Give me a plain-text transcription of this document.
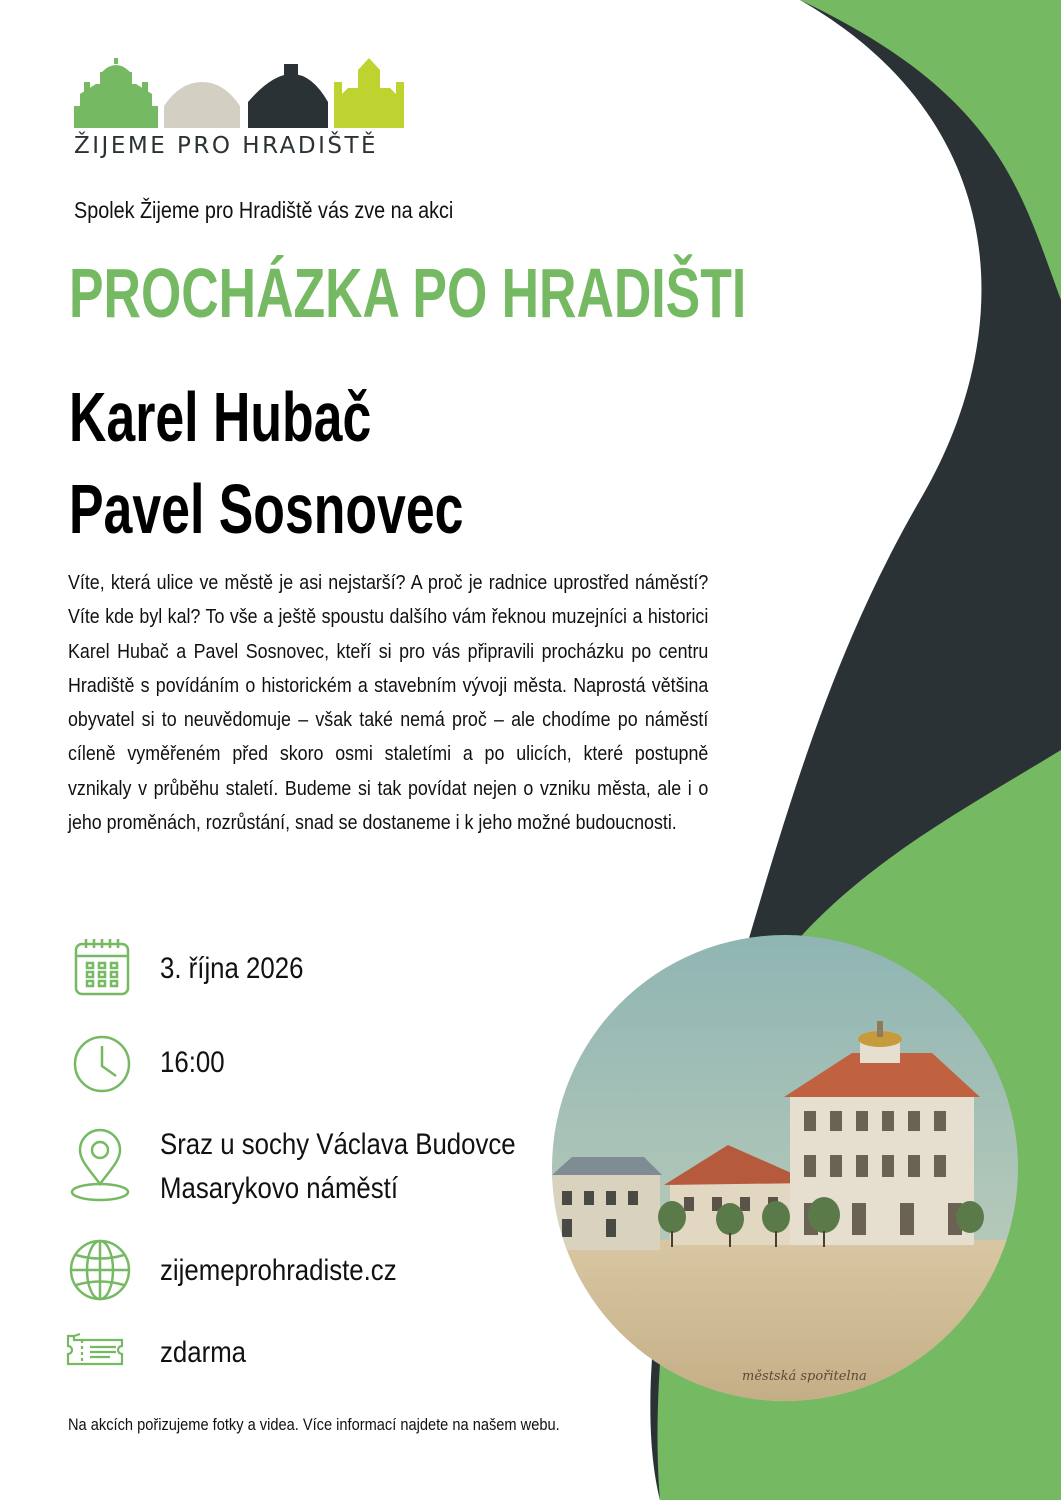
ŽIJEME PRO HRADIŠTĚ
Spolek Žijeme pro Hradiště vás zve na akci
PROCHÁZKA PO HRADIŠTI
Karel Hubač
Pavel Sosnovec
Víte, která ulice ve městě je asi nejstarší? A proč je radnice uprostřed náměstí? Víte kde byl kal? To vše a ještě spoustu dalšího vám řeknou muzejníci a historici Karel Hubač a Pavel Sosnovec, kteří si pro vás připravili procházku po centru Hradiště s povídáním o historickém a stavebním vývoji města. Naprostá většina obyvatel si to neuvědomuje – však také nemá proč – ale chodíme po náměstí cíleně vyměřeném před skoro osmi staletími a po ulicích, které postupně vznikaly v průběhu staletí. Budeme si tak povídat nejen o vzniku města, ale i o jeho proměnách, rozrůstání, snad se dostaneme i k jeho možné budoucnosti.
3. října 2026
16:00
Sraz u sochy Václava Budovce
Masarykovo náměstí
zijemeprohradiste.cz
zdarma
městská spořitelna
Na akcích pořizujeme fotky a videa. Více informací najdete na našem webu.
